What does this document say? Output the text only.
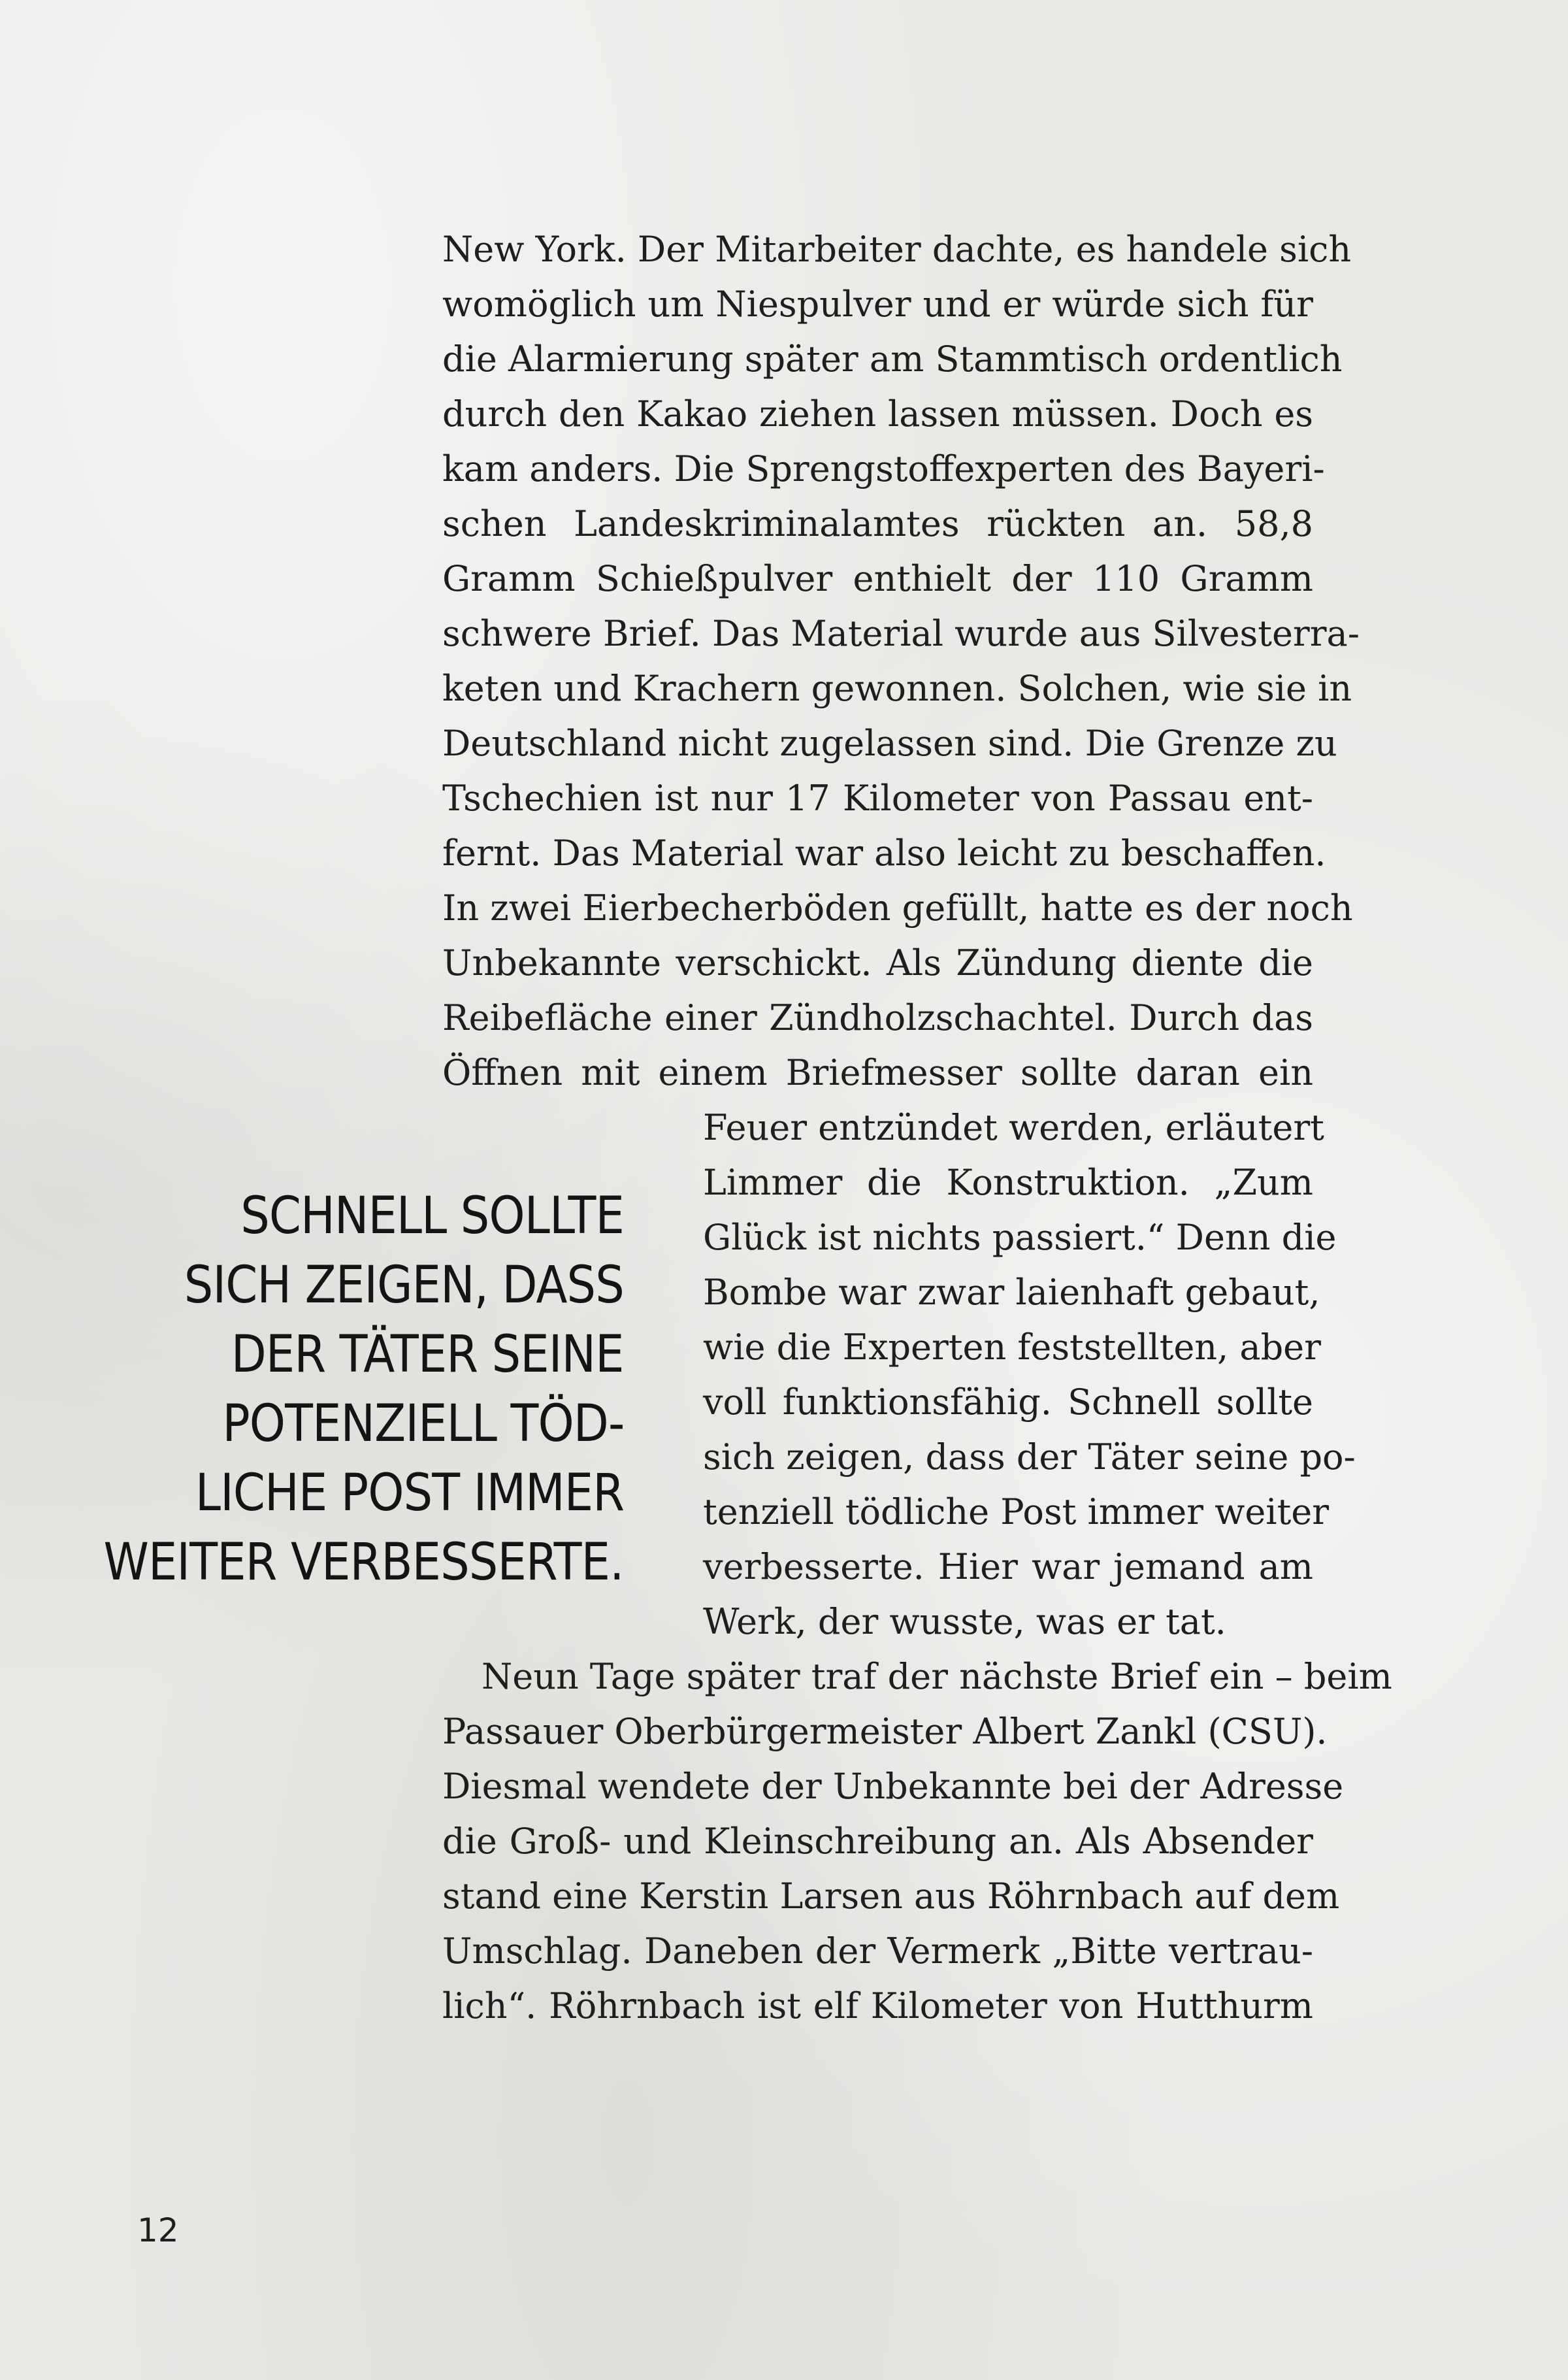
New York. Der Mitarbeiter dachte, es handele sich
womöglich um Niespulver und er würde sich für
die Alarmierung später am Stammtisch ordentlich
durch den Kakao ziehen lassen müssen. Doch es
kam anders. Die Sprengstoffexperten des Bayeri-
schen Landeskriminalamtes rückten an. 58,8
Gramm Schießpulver enthielt der 110 Gramm
schwere Brief. Das Material wurde aus Silvesterra-
keten und Krachern gewonnen. Solchen, wie sie in
Deutschland nicht zugelassen sind. Die Grenze zu
Tschechien ist nur 17 Kilometer von Passau ent-
fernt. Das Material war also leicht zu beschaffen.
In zwei Eierbecherböden gefüllt, hatte es der noch
Unbekannte verschickt. Als Zündung diente die
Reibefläche einer Zündholzschachtel. Durch das
Öffnen mit einem Briefmesser sollte daran ein
Feuer entzündet werden, erläutert
Limmer die Konstruktion. „Zum
Glück ist nichts passiert.“ Denn die
Bombe war zwar laienhaft gebaut,
wie die Experten feststellten, aber
voll funktionsfähig. Schnell sollte
sich zeigen, dass der Täter seine po-
tenziell tödliche Post immer weiter
verbesserte. Hier war jemand am
Werk, der wusste, was er tat.
Neun Tage später traf der nächste Brief ein – beim
Passauer Oberbürgermeister Albert Zankl (CSU).
Diesmal wendete der Unbekannte bei der Adresse
die Groß- und Kleinschreibung an. Als Absender
stand eine Kerstin Larsen aus Röhrnbach auf dem
Umschlag. Daneben der Vermerk „Bitte vertrau-
lich“. Röhrnbach ist elf Kilometer von Hutthurm
SCHNELL SOLLTE
SICH ZEIGEN, DASS
DER TÄTER SEINE
POTENZIELL TÖD-
LICHE POST IMMER
WEITER VERBESSERTE.
12
